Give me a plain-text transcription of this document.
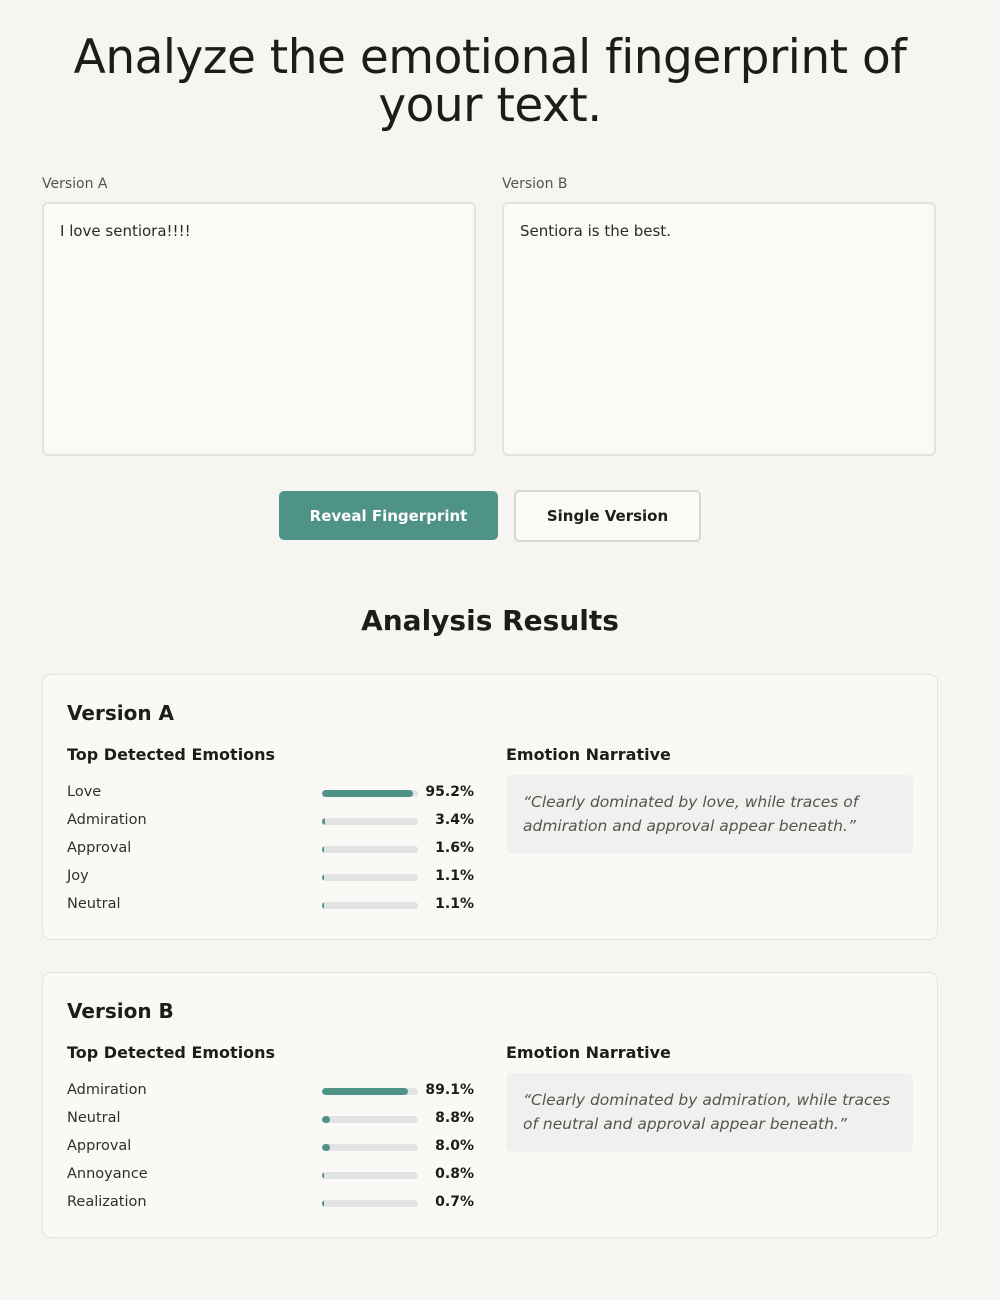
Analyze the emotional fingerprint of your text.
Version A
I love sentiora!!!!	Version B
Sentiora is the best.
Reveal Fingerprint	Single Version
Analysis Results
Version A
Top Detected Emotions	Emotion Narrative
Love	95.2%
Admiration	3.4%
Approval	1.6%
Joy	1.1%
Neutral	1.1%
“Clearly dominated by love, while traces of admiration and approval appear beneath.”
Version B
Top Detected Emotions	Emotion Narrative
Admiration	89.1%
Neutral	8.8%
Approval	8.0%
Annoyance	0.8%
Realization	0.7%
“Clearly dominated by admiration, while traces of neutral and approval appear beneath.”
